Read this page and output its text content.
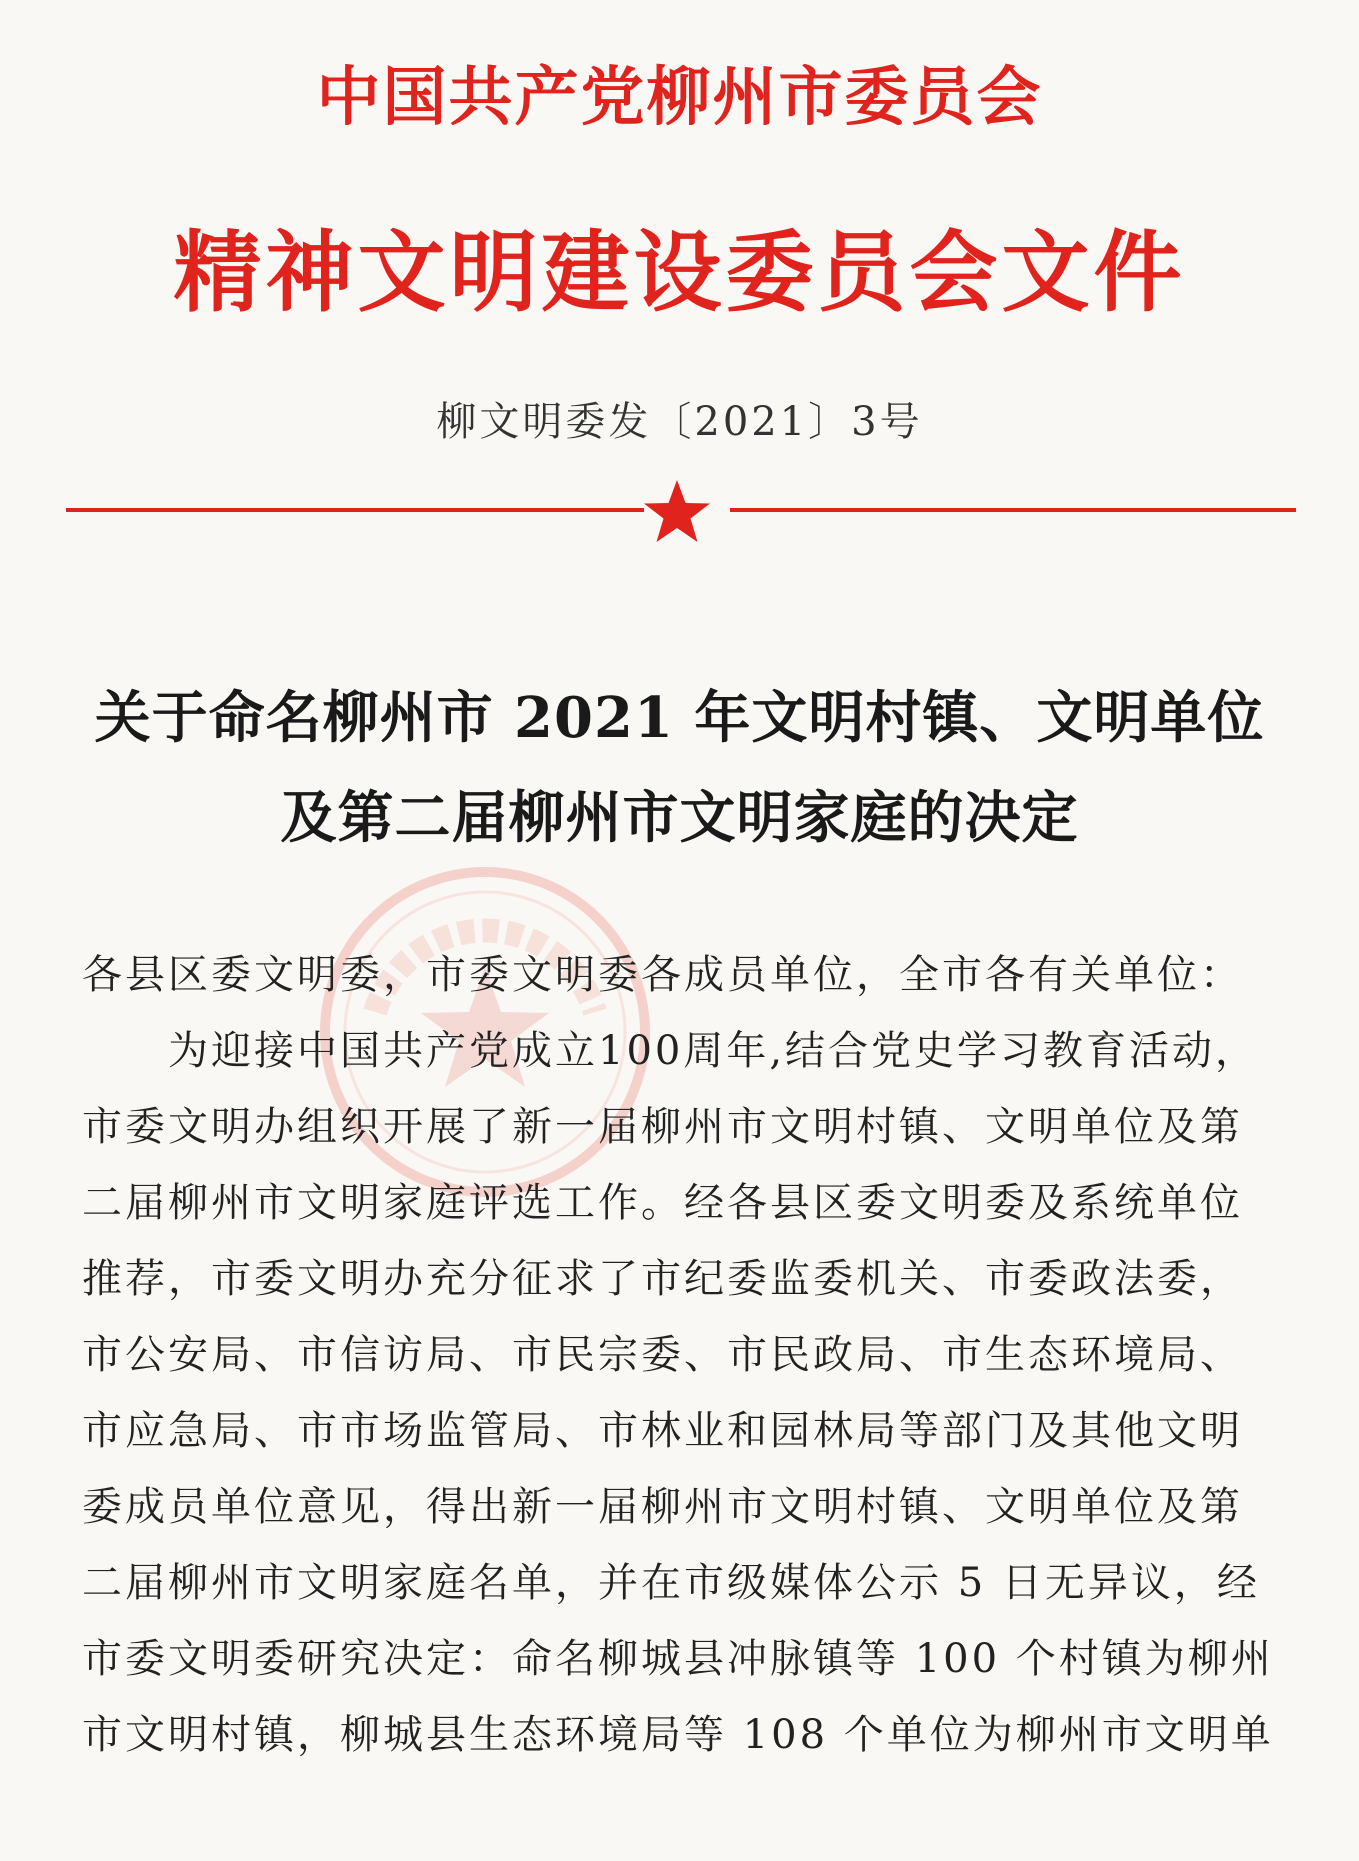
中国共产党柳州市委员会
精神文明建设委员会文件
柳文明委发〔2021〕3号
关于命名柳州市 2021 年文明村镇、文明单位
及第二届柳州市文明家庭的决定
各县区委文明委，市委文明委各成员单位，全市各有关单位：
　　为迎接中国共产党成立100周年,结合党史学习教育活动，
市委文明办组织开展了新一届柳州市文明村镇、文明单位及第
二届柳州市文明家庭评选工作。经各县区委文明委及系统单位
推荐，市委文明办充分征求了市纪委监委机关、市委政法委，
市公安局、市信访局、市民宗委、市民政局、市生态环境局、
市应急局、市市场监管局、市林业和园林局等部门及其他文明
委成员单位意见，得出新一届柳州市文明村镇、文明单位及第
二届柳州市文明家庭名单，并在市级媒体公示 5 日无异议，经
市委文明委研究决定：命名柳城县冲脉镇等 100 个村镇为柳州
市文明村镇，柳城县生态环境局等 108 个单位为柳州市文明单
